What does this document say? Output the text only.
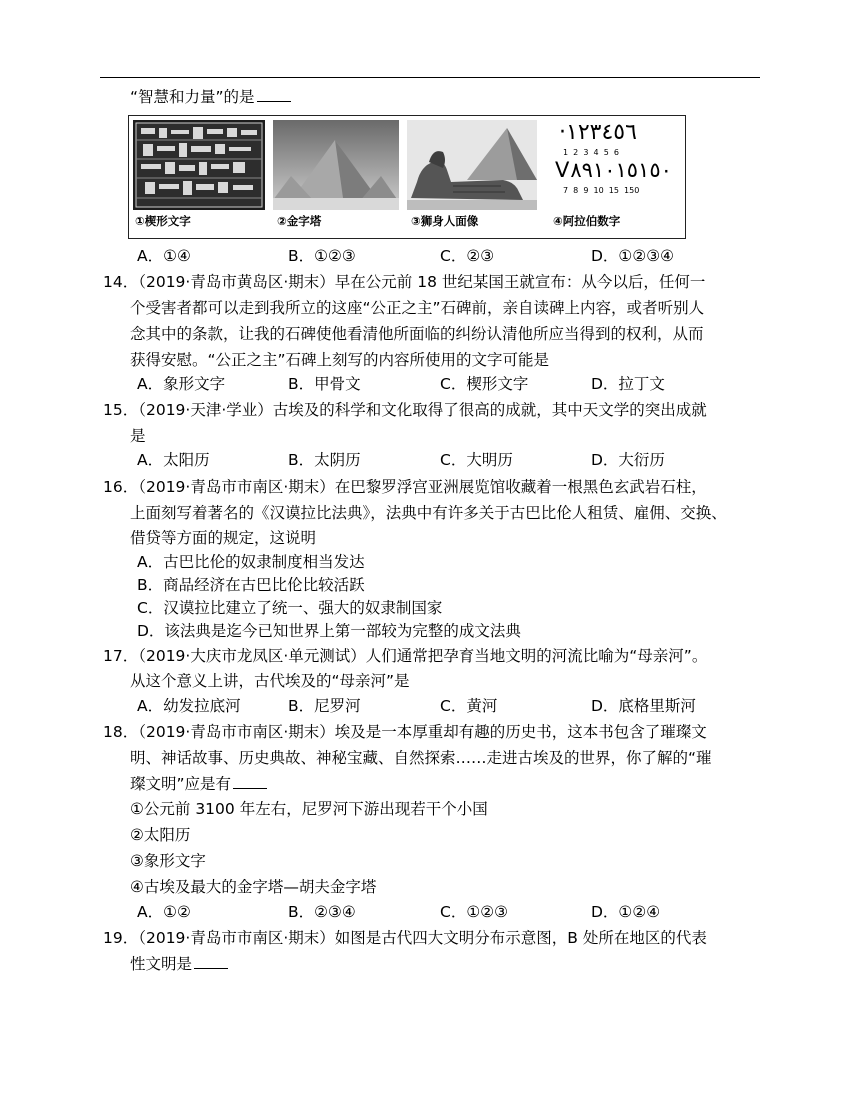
“智慧和力量”的是
①楔形文字	②金字塔	③狮身人面像
·١٢٣٤٥٦
1  2  3  4  5  6
V٨٩١٠١٥١٥٠
7  8  9  10  15  150
④阿拉伯数字
A．①④	B．①②③	C．②③	D．①②③④
14．（2019·青岛市黄岛区·期末）早在公元前 18 世纪某国王就宣布：从今以后，任何一
个受害者都可以走到我所立的这座“公正之主”石碑前，亲自读碑上内容，或者听别人
念其中的条款，让我的石碑使他看清他所面临的纠纷认清他所应当得到的权利，从而
获得安慰。“公正之主”石碑上刻写的内容所使用的文字可能是
A．象形文字	B．甲骨文	C．楔形文字	D．拉丁文
15．（2019·天津·学业）古埃及的科学和文化取得了很高的成就，其中天文学的突出成就
是
A．太阳历	B．太阴历	C．大明历	D．大衍历
16．（2019·青岛市市南区·期末）在巴黎罗浮宫亚洲展览馆收藏着一根黑色玄武岩石柱，
上面刻写着著名的《汉谟拉比法典》，法典中有许多关于古巴比伦人租赁、雇佣、交换、
借贷等方面的规定，这说明
A．古巴比伦的奴隶制度相当发达
B．商品经济在古巴比伦比较活跃
C．汉谟拉比建立了统一、强大的奴隶制国家
D．该法典是迄今已知世界上第一部较为完整的成文法典
17．（2019·大庆市龙凤区·单元测试）人们通常把孕育当地文明的河流比喻为“母亲河”。
从这个意义上讲，古代埃及的“母亲河”是
A．幼发拉底河	B．尼罗河	C．黄河	D．底格里斯河
18．（2019·青岛市市南区·期末）埃及是一本厚重却有趣的历史书，这本书包含了璀璨文
明、神话故事、历史典故、神秘宝藏、自然探索……走进古埃及的世界，你了解的“璀
璨文明”应是有
①公元前 3100 年左右，尼罗河下游出现若干个小国
②太阳历
③象形文字
④古埃及最大的金字塔—胡夫金字塔
A．①②	B．②③④	C．①②③	D．①②④
19．（2019·青岛市市南区·期末）如图是古代四大文明分布示意图，B 处所在地区的代表
性文明是
